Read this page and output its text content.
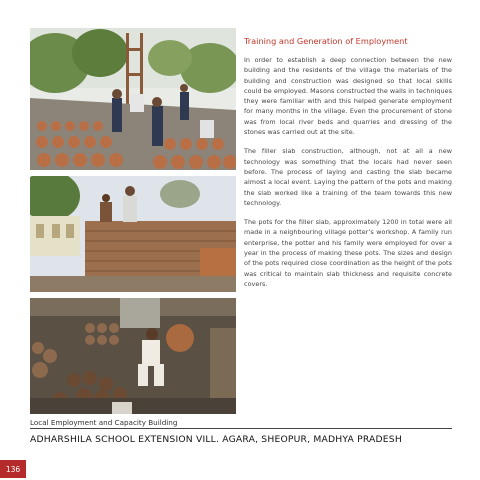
Local Employment and Capacity Building
Training and Generation of Employment

In order to establish a deep connection between the new building and the residents of the village the materials of the building and construction was designed so that local skills could be employed. Masons constructed the walls in techniques they were familiar with and this helped generate employment for many months in the village. Even the procurement of stone was from local river beds and quarries and dressing of the stones was carried out at the site.

The filler slab construction, although, not at all a new technology was something that the locals had never seen before. The process of laying and casting the slab became almost a local event. Laying the pattern of the pots and making the slab worked like a training of the team towards this new technology.

The pots for the filler slab, approximately 1200 in total were all made in a neighbouring village potter’s workshop. A family run enterprise, the potter and his family were employed for over a year in the process of making these pots. The sizes and design of the pots required close coordination as the height of the pots was critical to maintain slab thickness and requisite concrete covers.

ADHARSHILA SCHOOL EXTENSION VILL. AGARA, SHEOPUR, MADHYA PRADESH
136
